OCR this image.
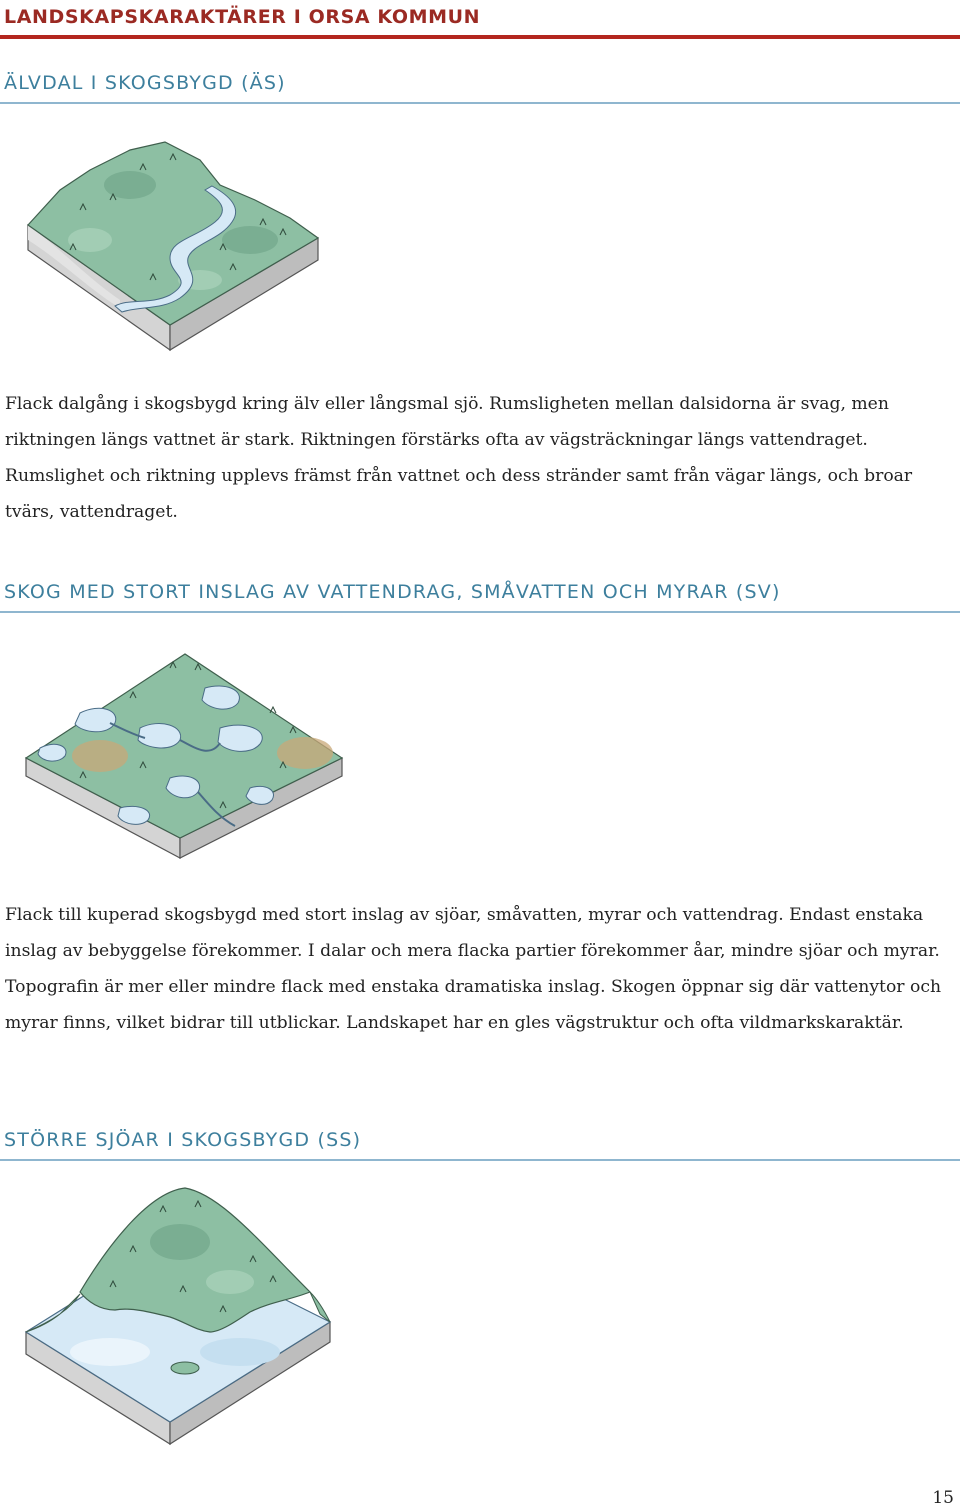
LANDSKAPSKARAKTÄRER I ORSA KOMMUN
ÄLVDAL I SKOGSBYGD (ÄS)
Flack dalgång i skogsbygd kring älv eller långsmal sjö. Rumsligheten mellan dalsidorna är svag, men riktningen längs vattnet är stark. Riktningen förstärks ofta av vägsträckningar längs vattendraget. Rumslighet och riktning upplevs främst från vattnet och dess stränder samt från vägar längs, och broar tvärs, vattendraget.
SKOG MED STORT INSLAG AV VATTENDRAG, SMÅVATTEN OCH MYRAR (SV)
Flack till kuperad skogsbygd med stort inslag av sjöar, småvatten, myrar och vattendrag. Endast enstaka inslag av bebyggelse förekommer. I dalar och mera flacka partier förekommer åar, mindre sjöar och myrar. Topografin är mer eller mindre flack med enstaka dramatiska inslag. Skogen öppnar sig där vattenytor och myrar finns, vilket bidrar till utblickar. Landskapet har en gles vägstruktur och ofta vildmarkskaraktär.
STÖRRE SJÖAR I SKOGSBYGD (SS)
15
